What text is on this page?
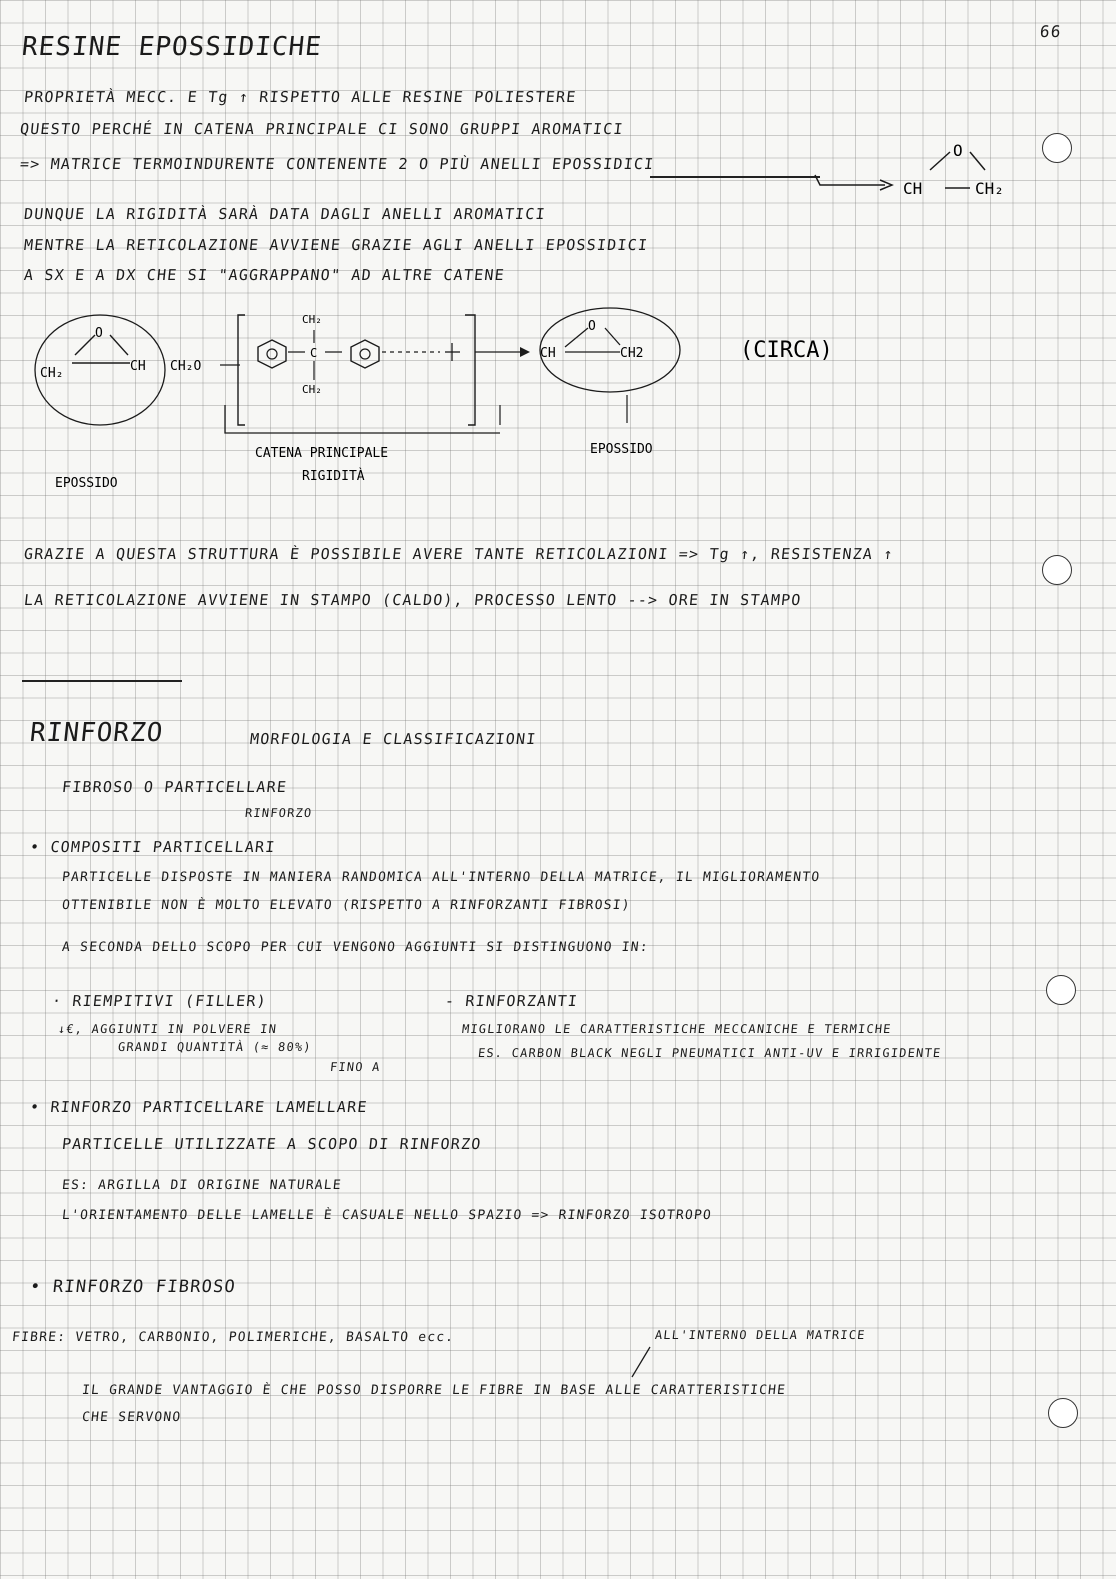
66
RESINE EPOSSIDICHE
PROPRIETÀ MECC. E Tg ↑ RISPETTO ALLE RESINE POLIESTERE
QUESTO PERCHÉ IN CATENA PRINCIPALE CI SONO GRUPPI AROMATICI
=> MATRICE TERMOINDURENTE CONTENENTE 2 O PIÙ ANELLI EPOSSIDICI
DUNQUE LA RIGIDITÀ SARÀ DATA DAGLI ANELLI AROMATICI
MENTRE LA RETICOLAZIONE AVVIENE GRAZIE AGLI ANELLI EPOSSIDICI
A SX E A DX CHE SI "AGGRAPPANO" AD ALTRE CATENE
O
CH	CH₂
O
CH₂	CH CH₂O
C
CH₂
CH₂
CH
O
CH2	(CIRCA)
CATENA PRINCIPALE
RIGIDITÀ
EPOSSIDO
EPOSSIDO
GRAZIE A QUESTA STRUTTURA È POSSIBILE AVERE TANTE RETICOLAZIONI => Tg ↑, RESISTENZA ↑
LA RETICOLAZIONE AVVIENE IN STAMPO (CALDO), PROCESSO LENTO --> ORE IN STAMPO
RINFORZO	MORFOLOGIA E CLASSIFICAZIONI
FIBROSO O PARTICELLARE
RINFORZO
• COMPOSITI PARTICELLARI
PARTICELLE DISPOSTE IN MANIERA RANDOMICA ALL'INTERNO DELLA MATRICE, IL MIGLIORAMENTO
OTTENIBILE NON È MOLTO ELEVATO (RISPETTO A RINFORZANTI FIBROSI)
A SECONDA DELLO SCOPO PER CUI VENGONO AGGIUNTI SI DISTINGUONO IN:
· RIEMPITIVI (FILLER)
↓€, AGGIUNTI IN POLVERE IN
GRANDI QUANTITÀ (≈ 80%)
FINO A
- RINFORZANTI
MIGLIORANO LE CARATTERISTICHE MECCANICHE E TERMICHE
ES. CARBON BLACK NEGLI PNEUMATICI ANTI-UV E IRRIGIDENTE
• RINFORZO PARTICELLARE LAMELLARE
PARTICELLE UTILIZZATE A SCOPO DI RINFORZO
ES: ARGILLA DI ORIGINE NATURALE
L'ORIENTAMENTO DELLE LAMELLE È CASUALE NELLO SPAZIO => RINFORZO ISOTROPO
• RINFORZO FIBROSO
FIBRE: VETRO, CARBONIO, POLIMERICHE, BASALTO ecc.	ALL'INTERNO DELLA MATRICE
IL GRANDE VANTAGGIO È CHE POSSO DISPORRE LE FIBRE IN BASE ALLE CARATTERISTICHE
CHE SERVONO
